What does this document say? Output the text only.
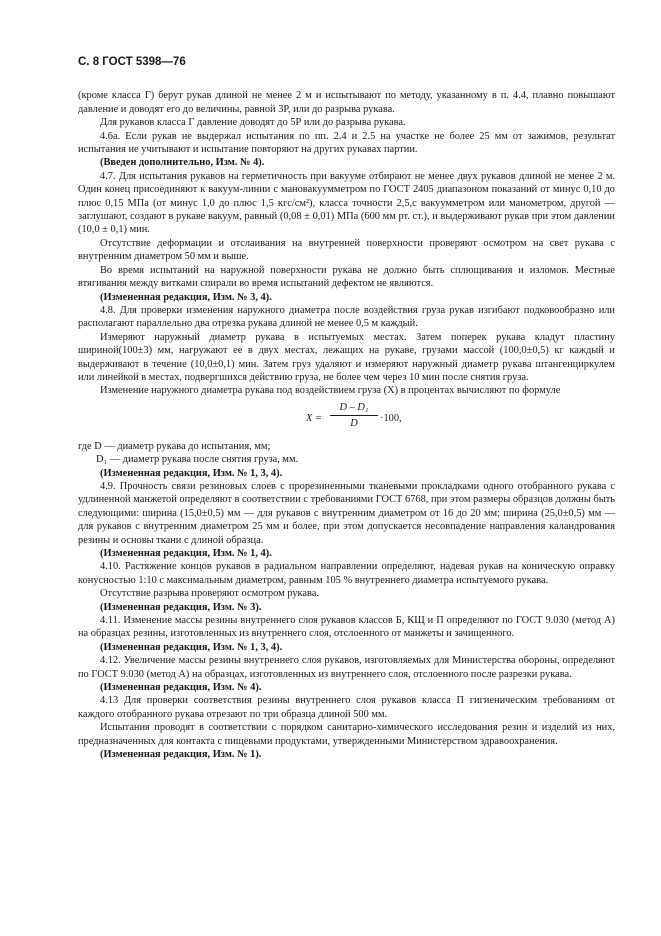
С. 8 ГОСТ 5398—76

(кроме класса Г) берут рукав длиной не менее 2 м и испытывают по методу, указанному в п. 4.4, плавно повышают давление и доводят его до величины, равной 3Р, или до разрыва рукава.

Для рукавов класса Г давление доводят до 5Р или до разрыва рукава.

4.6а. Если рукав не выдержал испытания по пп. 2.4 и 2.5 на участке не более 25 мм от зажимов, результат испытания не учитывают и испытание повторяют на других рукавах партии.

(Введен дополнительно, Изм. № 4).

4.7. Для испытания рукавов на герметичность при вакууме отбирают не менее двух рукавов длиной не менее 2 м. Один конец присоединяют к вакуум-линии с мановакуумметром по ГОСТ 2405 диапазоном показаний от минус 0,10 до плюс 0,15 МПа (от минус 1,0 до плюс 1,5 кгс/см²), класса точности 2,5,с вакуумметром или манометром, другой — заглушают, создают в рукаве вакуум, равный (0,08 ± 0,01) МПа (600 мм рт. ст.), и выдерживают рукав при этом давлении (10,0 ± 0,1) мин.

Отсутствие деформации и отслаивания на внутренней поверхности проверяют осмотром на свет рукава с внутренним диаметром 50 мм и выше.

Во время испытаний на наружной поверхности рукава не должно быть сплющивания и изломов. Местные втягивания между витками спирали во время испытаний дефектом не являются.

(Измененная редакция, Изм. № 3, 4).

4.8. Для проверки изменения наружного диаметра после воздействия груза рукав изгибают подковообразно или располагают параллельно два отрезка рукава длиной не менее 0,5 м каждый.

Измеряют наружный диаметр рукава в испытуемых местах. Затем поперек рукава кладут пластину шириной(100±3) мм, нагружают ее в двух местах, лежащих на рукаве, грузами массой (100,0±0,5) кг каждый и выдерживают в течение (10,0±0,1) мин. Затем груз удаляют и измеряют наружный диаметр рукава штангенциркулем или линейкой в местах, подвергшихся действию груза, не более чем через 10 мин после снятия груза.

Изменение наружного диаметра рукава под воздействием груза (X) в процентах вычисляют по формуле

$X = \frac{\text{D – D₁}}{D} \cdot 100$,

где D — диаметр рукава до испытания, мм;

D₁ — диаметр рукава после снятия груза, мм.

(Измененная редакция, Изм. № 1, 3, 4).

4.9. Прочность связи резиновых слоев с прорезиненными тканевыми прокладками одного отобранного рукава с удлиненной манжетой определяют в соответствии с требованиями ГОСТ 6768, при этом размеры образцов должны быть следующими: ширина (15,0±0,5) мм — для рукавов с внутренним диаметром от 16 до 20 мм; ширина (25,0±0,5) мм — для рукавов с внутренним диаметром 25 мм и более, при этом допускается несовпадение направления каландрования резины и основы ткани с длиной образца.

(Измененная редакция, Изм. № 1, 4).

4.10. Растяжение концов рукавов в радиальном направлении определяют, надевая рукав на коническую оправку конусностью 1:10 с максимальным диаметром, равным 105 % внутреннего диаметра испытуемого рукава.

Отсутствие разрыва проверяют осмотром рукава.

(Измененная редакция, Изм. № 3).

4.11. Изменение массы резины внутреннего слоя рукавов классов Б, КЩ и П определяют по ГОСТ 9.030 (метод А) на образцах резины, изготовленных из внутреннего слоя, отслоенного от манжеты и зачищенного.

(Измененная редакция, Изм. № 1, 3, 4).

4.12. Увеличение массы резины внутреннего слоя рукавов, изготовляемых для Министерства обороны, определяют по ГОСТ 9.030 (метод А) на образцах, изготовленных из внутреннего слоя, отслоенного после разрезки рукава.

(Измененная редакция, Изм. № 4).

4.13 Для проверки соответствия резины внутреннего слоя рукавов класса П гигиеническим требованиям от каждого отобранного рукава отрезают по три образца длиной 500 мм.

Испытания проводят в соответствии с порядком санитарно-химического исследования резин и изделий из них, предназначенных для контакта с пищевыми продуктами, утвержденными Министерством здравоохранения.

(Измененная редакция, Изм. № 1).
